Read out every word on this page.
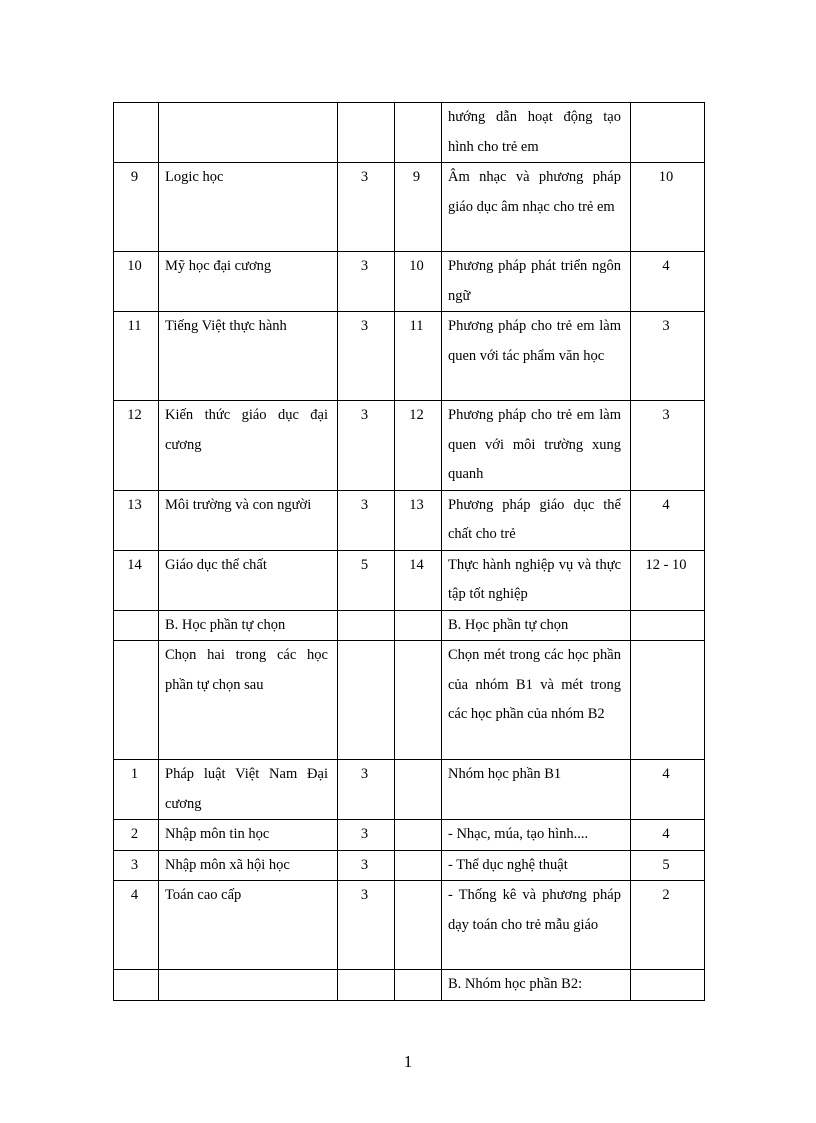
				hướng dẫn hoạt động tạo hình cho trẻ em	
9	Logic học	3	9	Âm nhạc và phương pháp giáo dục âm nhạc cho trẻ em	10
10	Mỹ học đại cương	3	10	Phương pháp phát triển ngôn ngữ	4
11	Tiếng Việt thực hành	3	11	Phương pháp cho trẻ em làm quen với tác phẩm văn học	3
12	Kiến thức giáo dục đại cương	3	12	Phương pháp cho trẻ em làm quen với môi trường xung quanh	3
13	Môi trường và con người	3	13	Phương pháp giáo dục thể chất cho trẻ	4
14	Giáo dục thể chất	5	14	Thực hành nghiệp vụ và thực tập tốt nghiệp	12 - 10
	B. Học phần tự chọn			B. Học phần tự chọn	
	Chọn hai trong các học phần tự chọn sau			Chọn mét trong các học phần của nhóm B1 và mét trong các học phần của nhóm B2	
1	Pháp luật Việt Nam Đại cương	3		Nhóm học phần B1	4
2	Nhập môn tin học	3		- Nhạc, múa, tạo hình....	4
3	Nhập môn xã hội học	3		- Thể dục nghệ thuật	5
4	Toán cao cấp	3		- Thống kê và phương pháp dạy toán cho trẻ mẫu giáo	2
				B. Nhóm học phần B2:	
1
